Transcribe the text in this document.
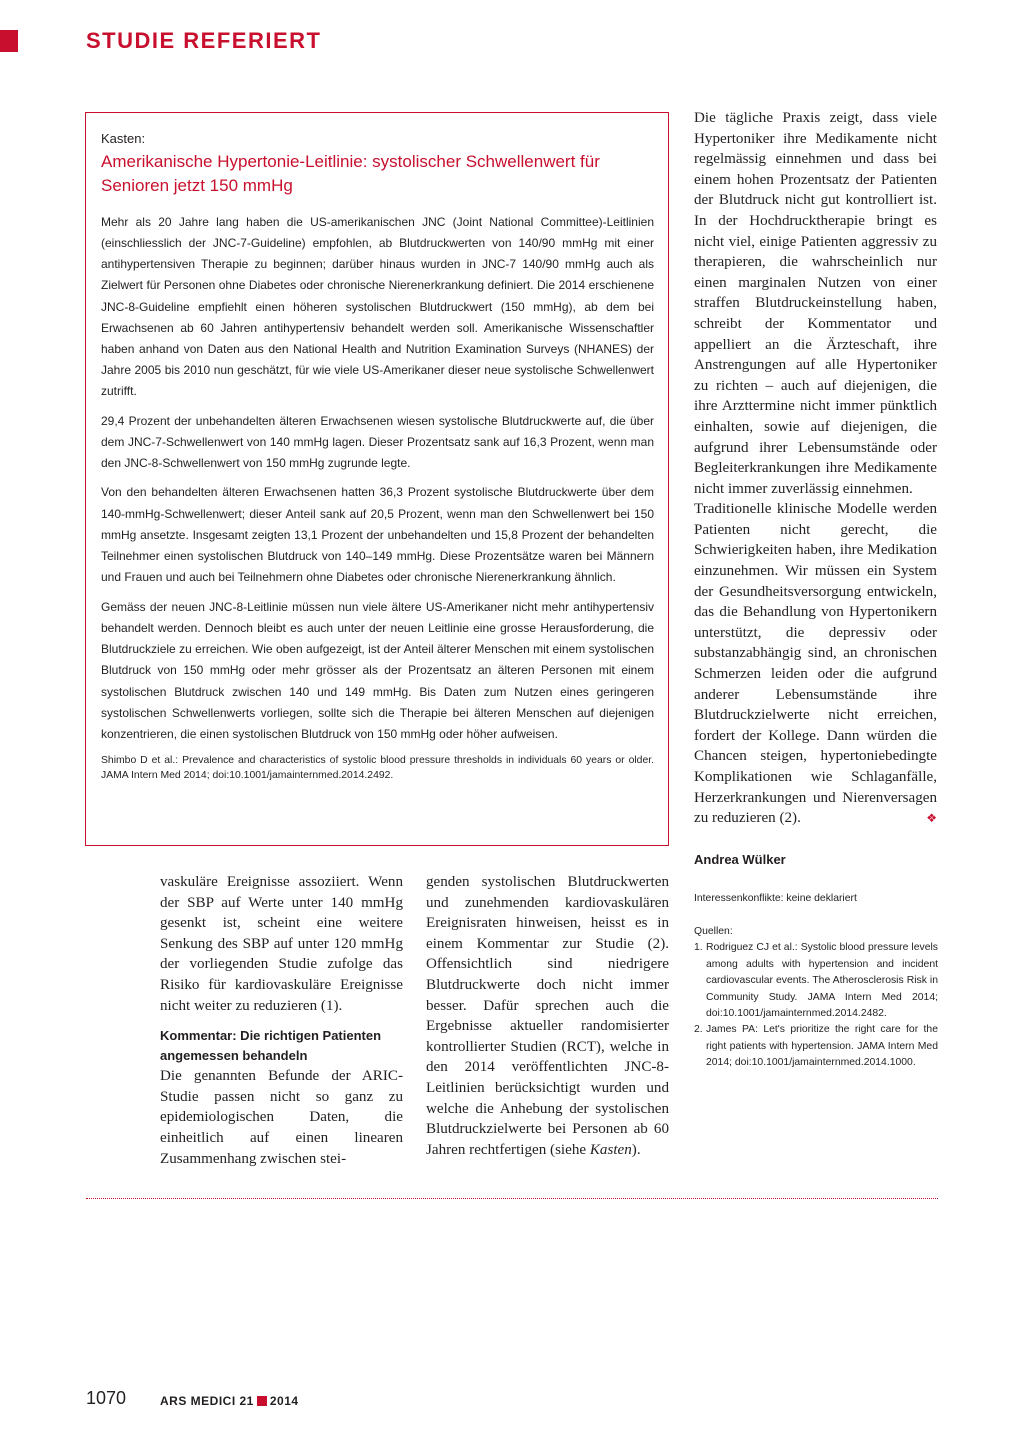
STUDIE REFERIERT
Kasten:
Amerikanische Hypertonie-Leitlinie: systolischer Schwellenwert für Senioren jetzt 150 mmHg

Mehr als 20 Jahre lang haben die US-amerikanischen JNC (Joint National Committee)-Leitlinien (einschliesslich der JNC-7-Guideline) empfohlen, ab Blutdruckwerten von 140/90 mmHg mit einer antihypertensiven Therapie zu beginnen; darüber hinaus wurden in JNC-7 140/90 mmHg auch als Zielwert für Personen ohne Diabetes oder chronische Nierenerkrankung definiert. Die 2014 erschienene JNC-8-Guideline empfiehlt einen höheren systolischen Blutdruckwert (150 mmHg), ab dem bei Erwachsenen ab 60 Jahren antihypertensiv behandelt werden soll. Amerikanische Wissenschaftler haben anhand von Daten aus den National Health and Nutrition Examination Surveys (NHANES) der Jahre 2005 bis 2010 nun geschätzt, für wie viele US-Amerikaner dieser neue systolische Schwellenwert zutrifft.

29,4 Prozent der unbehandelten älteren Erwachsenen wiesen systolische Blutdruckwerte auf, die über dem JNC-7-Schwellenwert von 140 mmHg lagen. Dieser Prozentsatz sank auf 16,3 Prozent, wenn man den JNC-8-Schwellenwert von 150 mmHg zugrunde legte.

Von den behandelten älteren Erwachsenen hatten 36,3 Prozent systolische Blutdruckwerte über dem 140-mmHg-Schwellenwert; dieser Anteil sank auf 20,5 Prozent, wenn man den Schwellenwert bei 150 mmHg ansetzte. Insgesamt zeigten 13,1 Prozent der unbehandelten und 15,8 Prozent der behandelten Teilnehmer einen systolischen Blutdruck von 140–149 mmHg. Diese Prozentsätze waren bei Männern und Frauen und auch bei Teilnehmern ohne Diabetes oder chronische Nierenerkrankung ähnlich.

Gemäss der neuen JNC-8-Leitlinie müssen nun viele ältere US-Amerikaner nicht mehr antihypertensiv behandelt werden. Dennoch bleibt es auch unter der neuen Leitlinie eine grosse Herausforderung, die Blutdruckziele zu erreichen. Wie oben aufgezeigt, ist der Anteil älterer Menschen mit einem systolischen Blutdruck von 150 mmHg oder mehr grösser als der Prozentsatz an älteren Personen mit einem systolischen Blutdruck zwischen 140 und 149 mmHg. Bis Daten zum Nutzen eines geringeren systolischen Schwellenwerts vorliegen, sollte sich die Therapie bei älteren Menschen auf diejenigen konzentrieren, die einen systolischen Blutdruck von 150 mmHg oder höher aufweisen.

Shimbo D et al.: Prevalence and characteristics of systolic blood pressure thresholds in individuals 60 years or older. JAMA Intern Med 2014; doi:10.1001/jamainternmed.2014.2492.
vaskuläre Ereignisse assoziiert. Wenn der SBP auf Werte unter 140 mmHg gesenkt ist, scheint eine weitere Senkung des SBP auf unter 120 mmHg der vorliegenden Studie zufolge das Risiko für kardiovaskuläre Ereignisse nicht weiter zu reduzieren (1).
Kommentar: Die richtigen Patienten angemessen behandeln
Die genannten Befunde der ARIC-Studie passen nicht so ganz zu epidemiologischen Daten, die einheitlich auf einen linearen Zusammenhang zwischen stei-
genden systolischen Blutdruckwerten und zunehmenden kardiovaskulären Ereignisraten hinweisen, heisst es in einem Kommentar zur Studie (2). Offensichtlich sind niedrigere Blutdruckwerte doch nicht immer besser. Dafür sprechen auch die Ergebnisse aktueller randomisierter kontrollierter Studien (RCT), welche in den 2014 veröffentlichten JNC-8-Leitlinien berücksichtigt wurden und welche die Anhebung der systolischen Blutdruckzielwerte bei Personen ab 60 Jahren rechtfertigen (siehe Kasten).
Die tägliche Praxis zeigt, dass viele Hypertoniker ihre Medikamente nicht regelmässig einnehmen und dass bei einem hohen Prozentsatz der Patienten der Blutdruck nicht gut kontrolliert ist. In der Hochdrucktherapie bringt es nicht viel, einige Patienten aggressiv zu therapieren, die wahrscheinlich nur einen marginalen Nutzen von einer straffen Blutdruckeinstellung haben, schreibt der Kommentator und appelliert an die Ärzteschaft, ihre Anstrengungen auf alle Hypertoniker zu richten – auch auf diejenigen, die ihre Arzttermine nicht immer pünktlich einhalten, sowie auf diejenigen, die aufgrund ihrer Lebensumstände oder Begleiterkrankungen ihre Medikamente nicht immer zuverlässig einnehmen.
Traditionelle klinische Modelle werden Patienten nicht gerecht, die Schwierigkeiten haben, ihre Medikation einzunehmen. Wir müssen ein System der Gesundheitsversorgung entwickeln, das die Behandlung von Hypertonikern unterstützt, die depressiv oder substanzabhängig sind, an chronischen Schmerzen leiden oder die aufgrund anderer Lebensumstände ihre Blutdruckzielwerte nicht erreichen, fordert der Kollege. Dann würden die Chancen steigen, hypertoniebedingte Komplikationen wie Schlaganfälle, Herzerkrankungen und Nierenversagen zu reduzieren (2).	❖
Andrea Wülker
Interessenkonflikte: keine deklariert
Quellen:
1. Rodriguez CJ et al.: Systolic blood pressure levels among adults with hypertension and incident cardiovascular events. The Atherosclerosis Risk in Community Study. JAMA Intern Med 2014; doi:10.1001/jamainternmed.2014.2482.
2. James PA: Let's prioritize the right care for the right patients with hypertension. JAMA Intern Med 2014; doi:10.1001/jamainternmed.2014.1000.
1070	ARS MEDICI 21 2014
